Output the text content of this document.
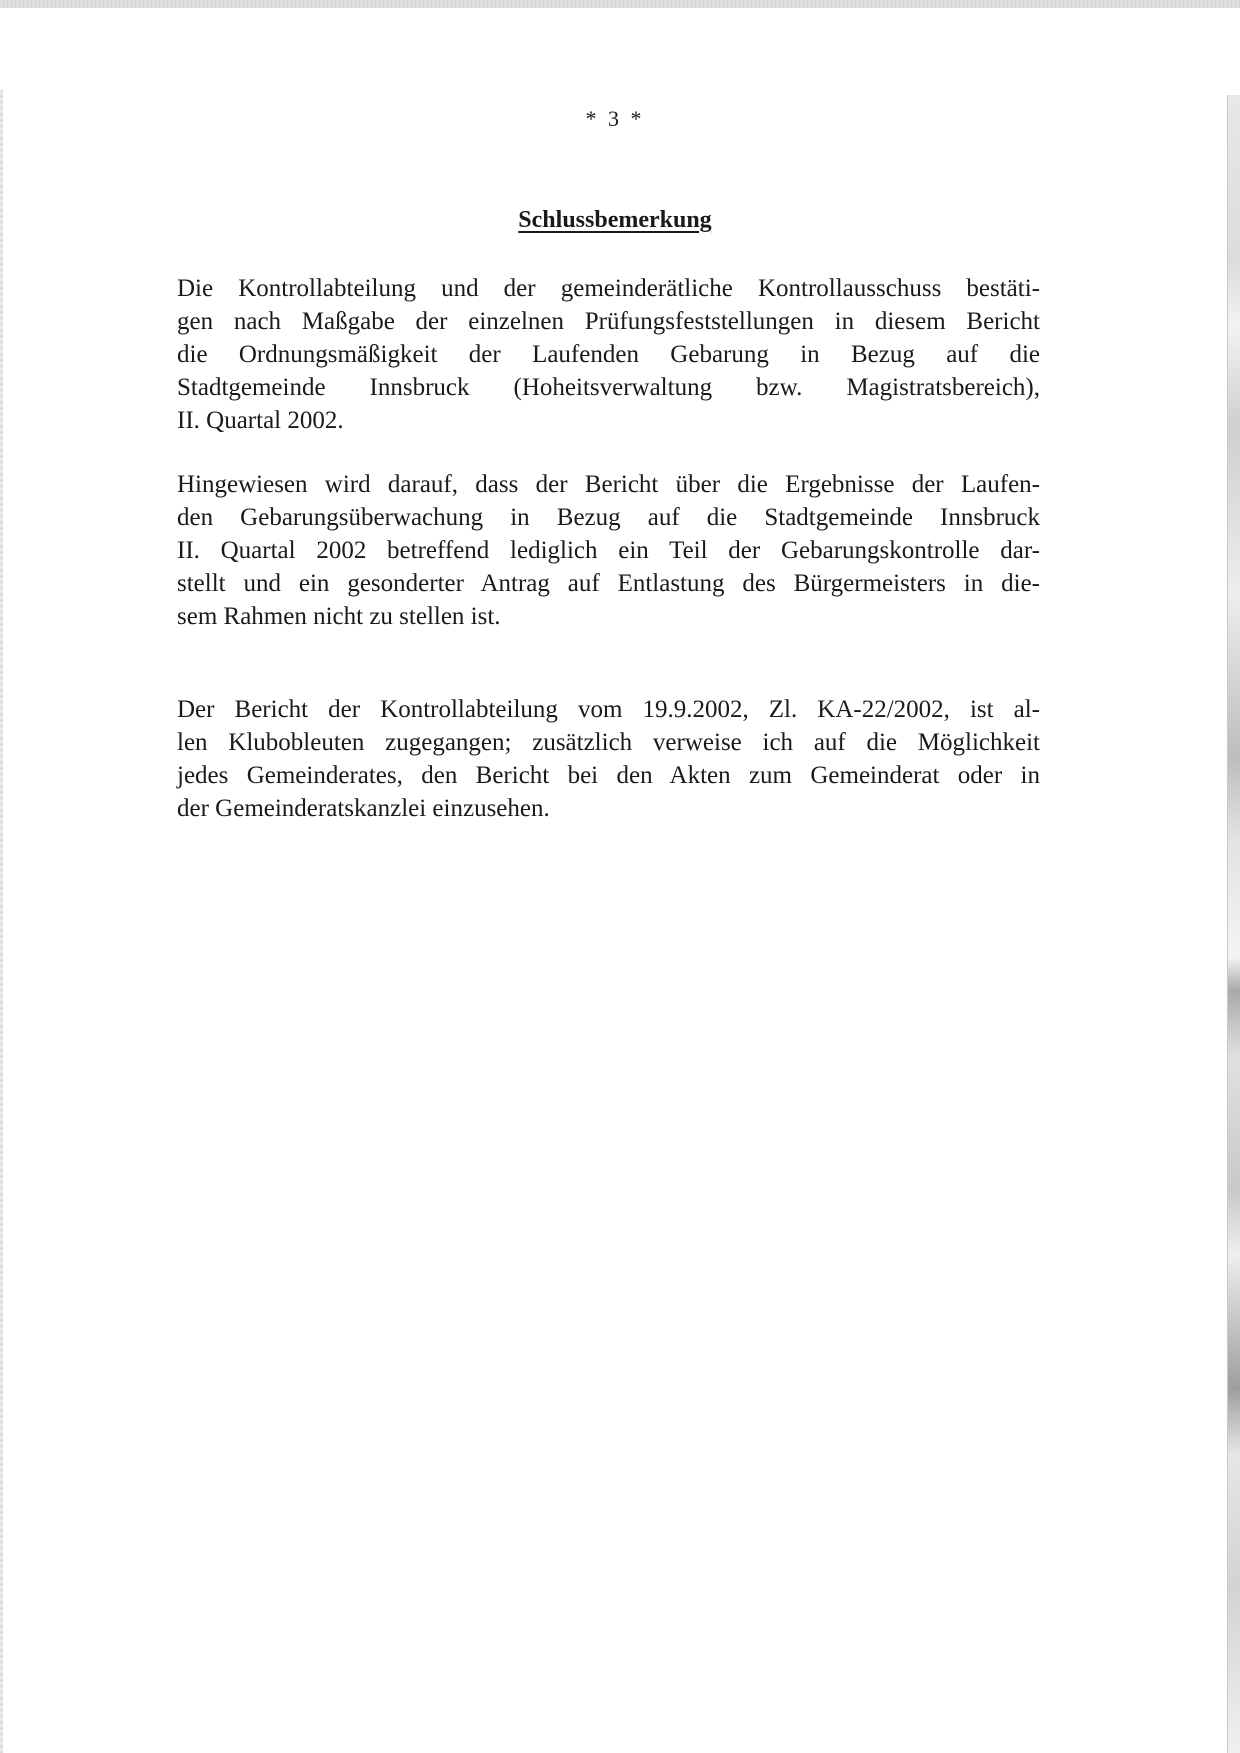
* 3 *
Schlussbemerkung
Die Kontrollabteilung und der gemeinderätliche Kontrollausschuss bestäti-
gen nach Maßgabe der einzelnen Prüfungsfeststellungen in diesem Bericht
die Ordnungsmäßigkeit der Laufenden Gebarung in Bezug auf die
Stadtgemeinde Innsbruck (Hoheitsverwaltung bzw. Magistratsbereich),
II. Quartal 2002.
Hingewiesen wird darauf, dass der Bericht über die Ergebnisse der Laufen-
den Gebarungsüberwachung in Bezug auf die Stadtgemeinde Innsbruck
II. Quartal 2002 betreffend lediglich ein Teil der Gebarungskontrolle dar-
stellt und ein gesonderter Antrag auf Entlastung des Bürgermeisters in die-
sem Rahmen nicht zu stellen ist.
Der Bericht der Kontrollabteilung vom 19.9.2002, Zl. KA-22/2002, ist al-
len Klubobleuten zugegangen; zusätzlich verweise ich auf die Möglichkeit
jedes Gemeinderates, den Bericht bei den Akten zum Gemeinderat oder in
der Gemeinderatskanzlei einzusehen.
